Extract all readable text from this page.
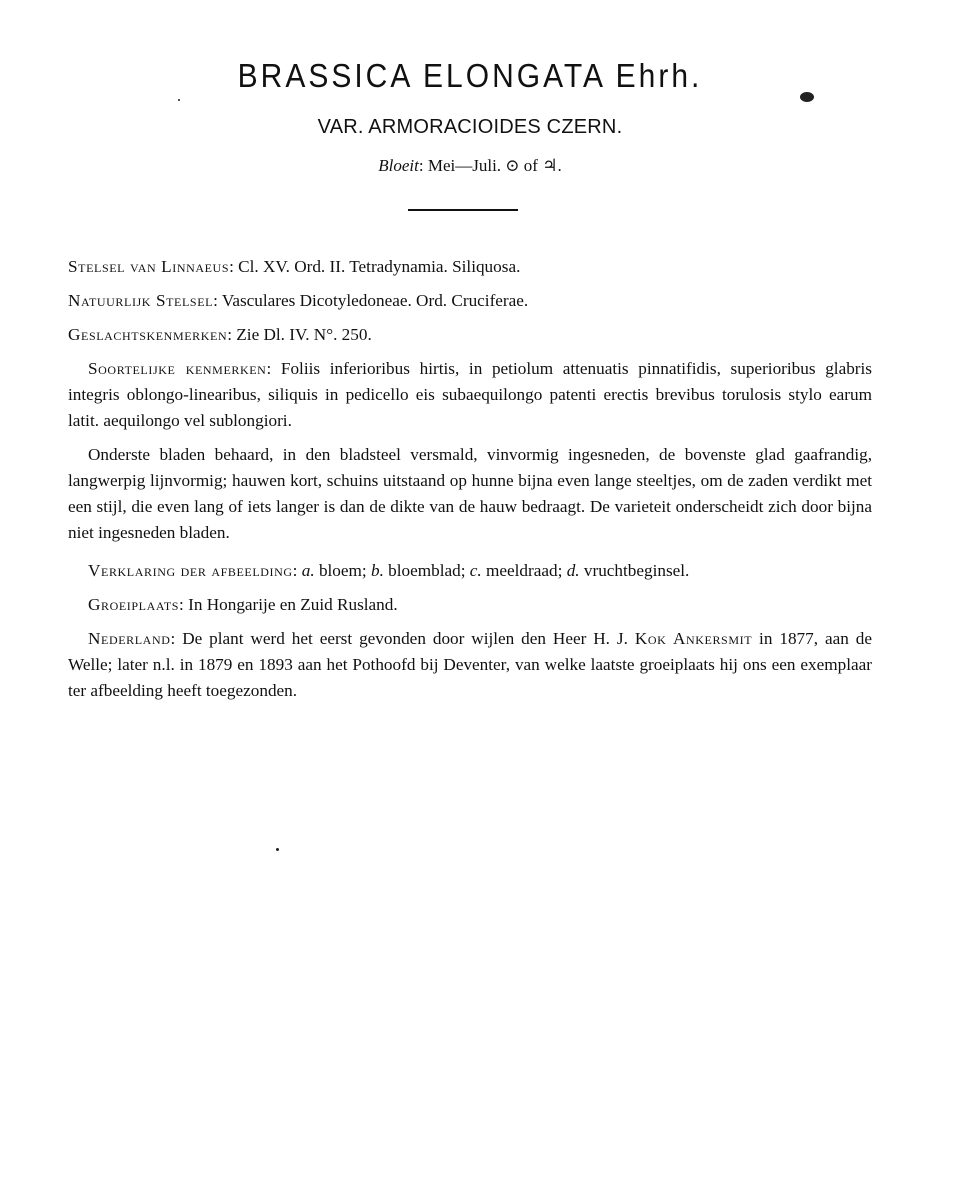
BRASSICA ELONGATA Ehrh.
VAR. ARMORACIOIDES CZERN.
Bloeit: Mei—Juli. ⊙ of ♃.

Stelsel van Linnaeus: Cl. XV. Ord. II. Tetradynamia. Siliquosa.

Natuurlijk Stelsel: Vasculares Dicotyledoneae. Ord. Cruciferae.

Geslachtskenmerken: Zie Dl. IV. N°. 250.

Soortelijke kenmerken: Foliis inferioribus hirtis, in petiolum attenuatis pinnatifidis, superioribus glabris integris oblongo-linearibus, siliquis in pedicello eis subaequilongo patenti erectis brevibus torulosis stylo earum latit. aequilongo vel sublongiori.

Onderste bladen behaard, in den bladsteel versmald, vinvormig ingesneden, de bovenste glad gaafrandig, langwerpig lijnvormig; hauwen kort, schuins uitstaand op hunne bijna even lange steeltjes, om de zaden verdikt met een stijl, die even lang of iets langer is dan de dikte van de hauw bedraagt. De varieteit onderscheidt zich door bijna niet ingesneden bladen.

Verklaring der afbeelding: a. bloem; b. bloemblad; c. meeldraad; d. vruchtbeginsel.

Groeiplaats: In Hongarije en Zuid Rusland.

Nederland: De plant werd het eerst gevonden door wijlen den Heer H. J. Kok Ankersmit in 1877, aan de Welle; later n.l. in 1879 en 1893 aan het Pothoofd bij Deventer, van welke laatste groeiplaats hij ons een exemplaar ter afbeelding heeft toegezonden.
